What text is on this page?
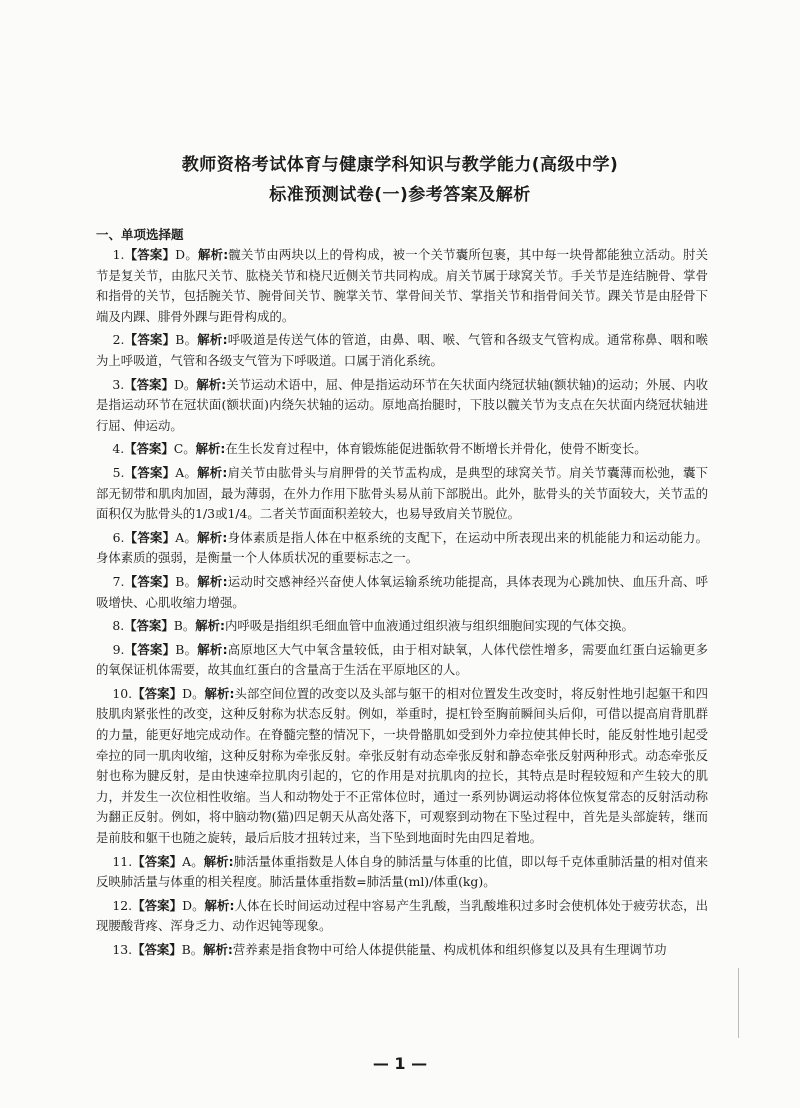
教师资格考试体育与健康学科知识与教学能力(高级中学)
标准预测试卷(一)参考答案及解析
一、单项选择题

  1.【答案】D。解析:髋关节由两块以上的骨构成，被一个关节囊所包裹，其中每一块骨都能独立活动。肘关节是复关节，由肱尺关节、肱桡关节和桡尺近侧关节共同构成。肩关节属于球窝关节。手关节是连结腕骨、掌骨和指骨的关节，包括腕关节、腕骨间关节、腕掌关节、掌骨间关节、掌指关节和指骨间关节。踝关节是由胫骨下端及内踝、腓骨外踝与距骨构成的。

  2.【答案】B。解析:呼吸道是传送气体的管道，由鼻、咽、喉、气管和各级支气管构成。通常称鼻、咽和喉为上呼吸道，气管和各级支气管为下呼吸道。口属于消化系统。

  3.【答案】D。解析:关节运动术语中，屈、伸是指运动环节在矢状面内绕冠状轴(额状轴)的运动；外展、内收是指运动环节在冠状面(额状面)内绕矢状轴的运动。原地高抬腿时，下肢以髋关节为支点在矢状面内绕冠状轴进行屈、伸运动。

  4.【答案】C。解析:在生长发育过程中，体育锻炼能促进骺软骨不断增长并骨化，使骨不断变长。

  5.【答案】A。解析:肩关节由肱骨头与肩胛骨的关节盂构成，是典型的球窝关节。肩关节囊薄而松弛，囊下部无韧带和肌肉加固，最为薄弱，在外力作用下肱骨头易从前下部脱出。此外，肱骨头的关节面较大，关节盂的面积仅为肱骨头的1/3或1/4。二者关节面面积差较大，也易导致肩关节脱位。

  6.【答案】A。解析:身体素质是指人体在中枢系统的支配下，在运动中所表现出来的机能能力和运动能力。身体素质的强弱，是衡量一个人体质状况的重要标志之一。

  7.【答案】B。解析:运动时交感神经兴奋使人体氧运输系统功能提高，具体表现为心跳加快、血压升高、呼吸增快、心肌收缩力增强。

  8.【答案】B。解析:内呼吸是指组织毛细血管中血液通过组织液与组织细胞间实现的气体交换。

  9.【答案】B。解析:高原地区大气中氧含量较低，由于相对缺氧，人体代偿性增多，需要血红蛋白运输更多的氧保证机体需要，故其血红蛋白的含量高于生活在平原地区的人。

  10.【答案】D。解析:头部空间位置的改变以及头部与躯干的相对位置发生改变时，将反射性地引起躯干和四肢肌肉紧张性的改变，这种反射称为状态反射。例如，举重时，提杠铃至胸前瞬间头后仰，可借以提高肩背肌群的力量，能更好地完成动作。在脊髓完整的情况下，一块骨骼肌如受到外力牵拉使其伸长时，能反射性地引起受牵拉的同一肌肉收缩，这种反射称为牵张反射。牵张反射有动态牵张反射和静态牵张反射两种形式。动态牵张反射也称为腱反射，是由快速牵拉肌肉引起的，它的作用是对抗肌肉的拉长，其特点是时程较短和产生较大的肌力，并发生一次位相性收缩。当人和动物处于不正常体位时，通过一系列协调运动将体位恢复常态的反射活动称为翻正反射。例如，将中脑动物(猫)四足朝天从高处落下，可观察到动物在下坠过程中，首先是头部旋转，继而是前肢和躯干也随之旋转，最后后肢才扭转过来，当下坠到地面时先由四足着地。

  11.【答案】A。解析:肺活量体重指数是人体自身的肺活量与体重的比值，即以每千克体重肺活量的相对值来反映肺活量与体重的相关程度。肺活量体重指数=肺活量(ml)/体重(kg)。

  12.【答案】D。解析:人体在长时间运动过程中容易产生乳酸，当乳酸堆积过多时会使机体处于疲劳状态，出现腰酸背疼、浑身乏力、动作迟钝等现象。

  13.【答案】B。解析:营养素是指食物中可给人体提供能量、构成机体和组织修复以及具有生理调节功

— 1 —
